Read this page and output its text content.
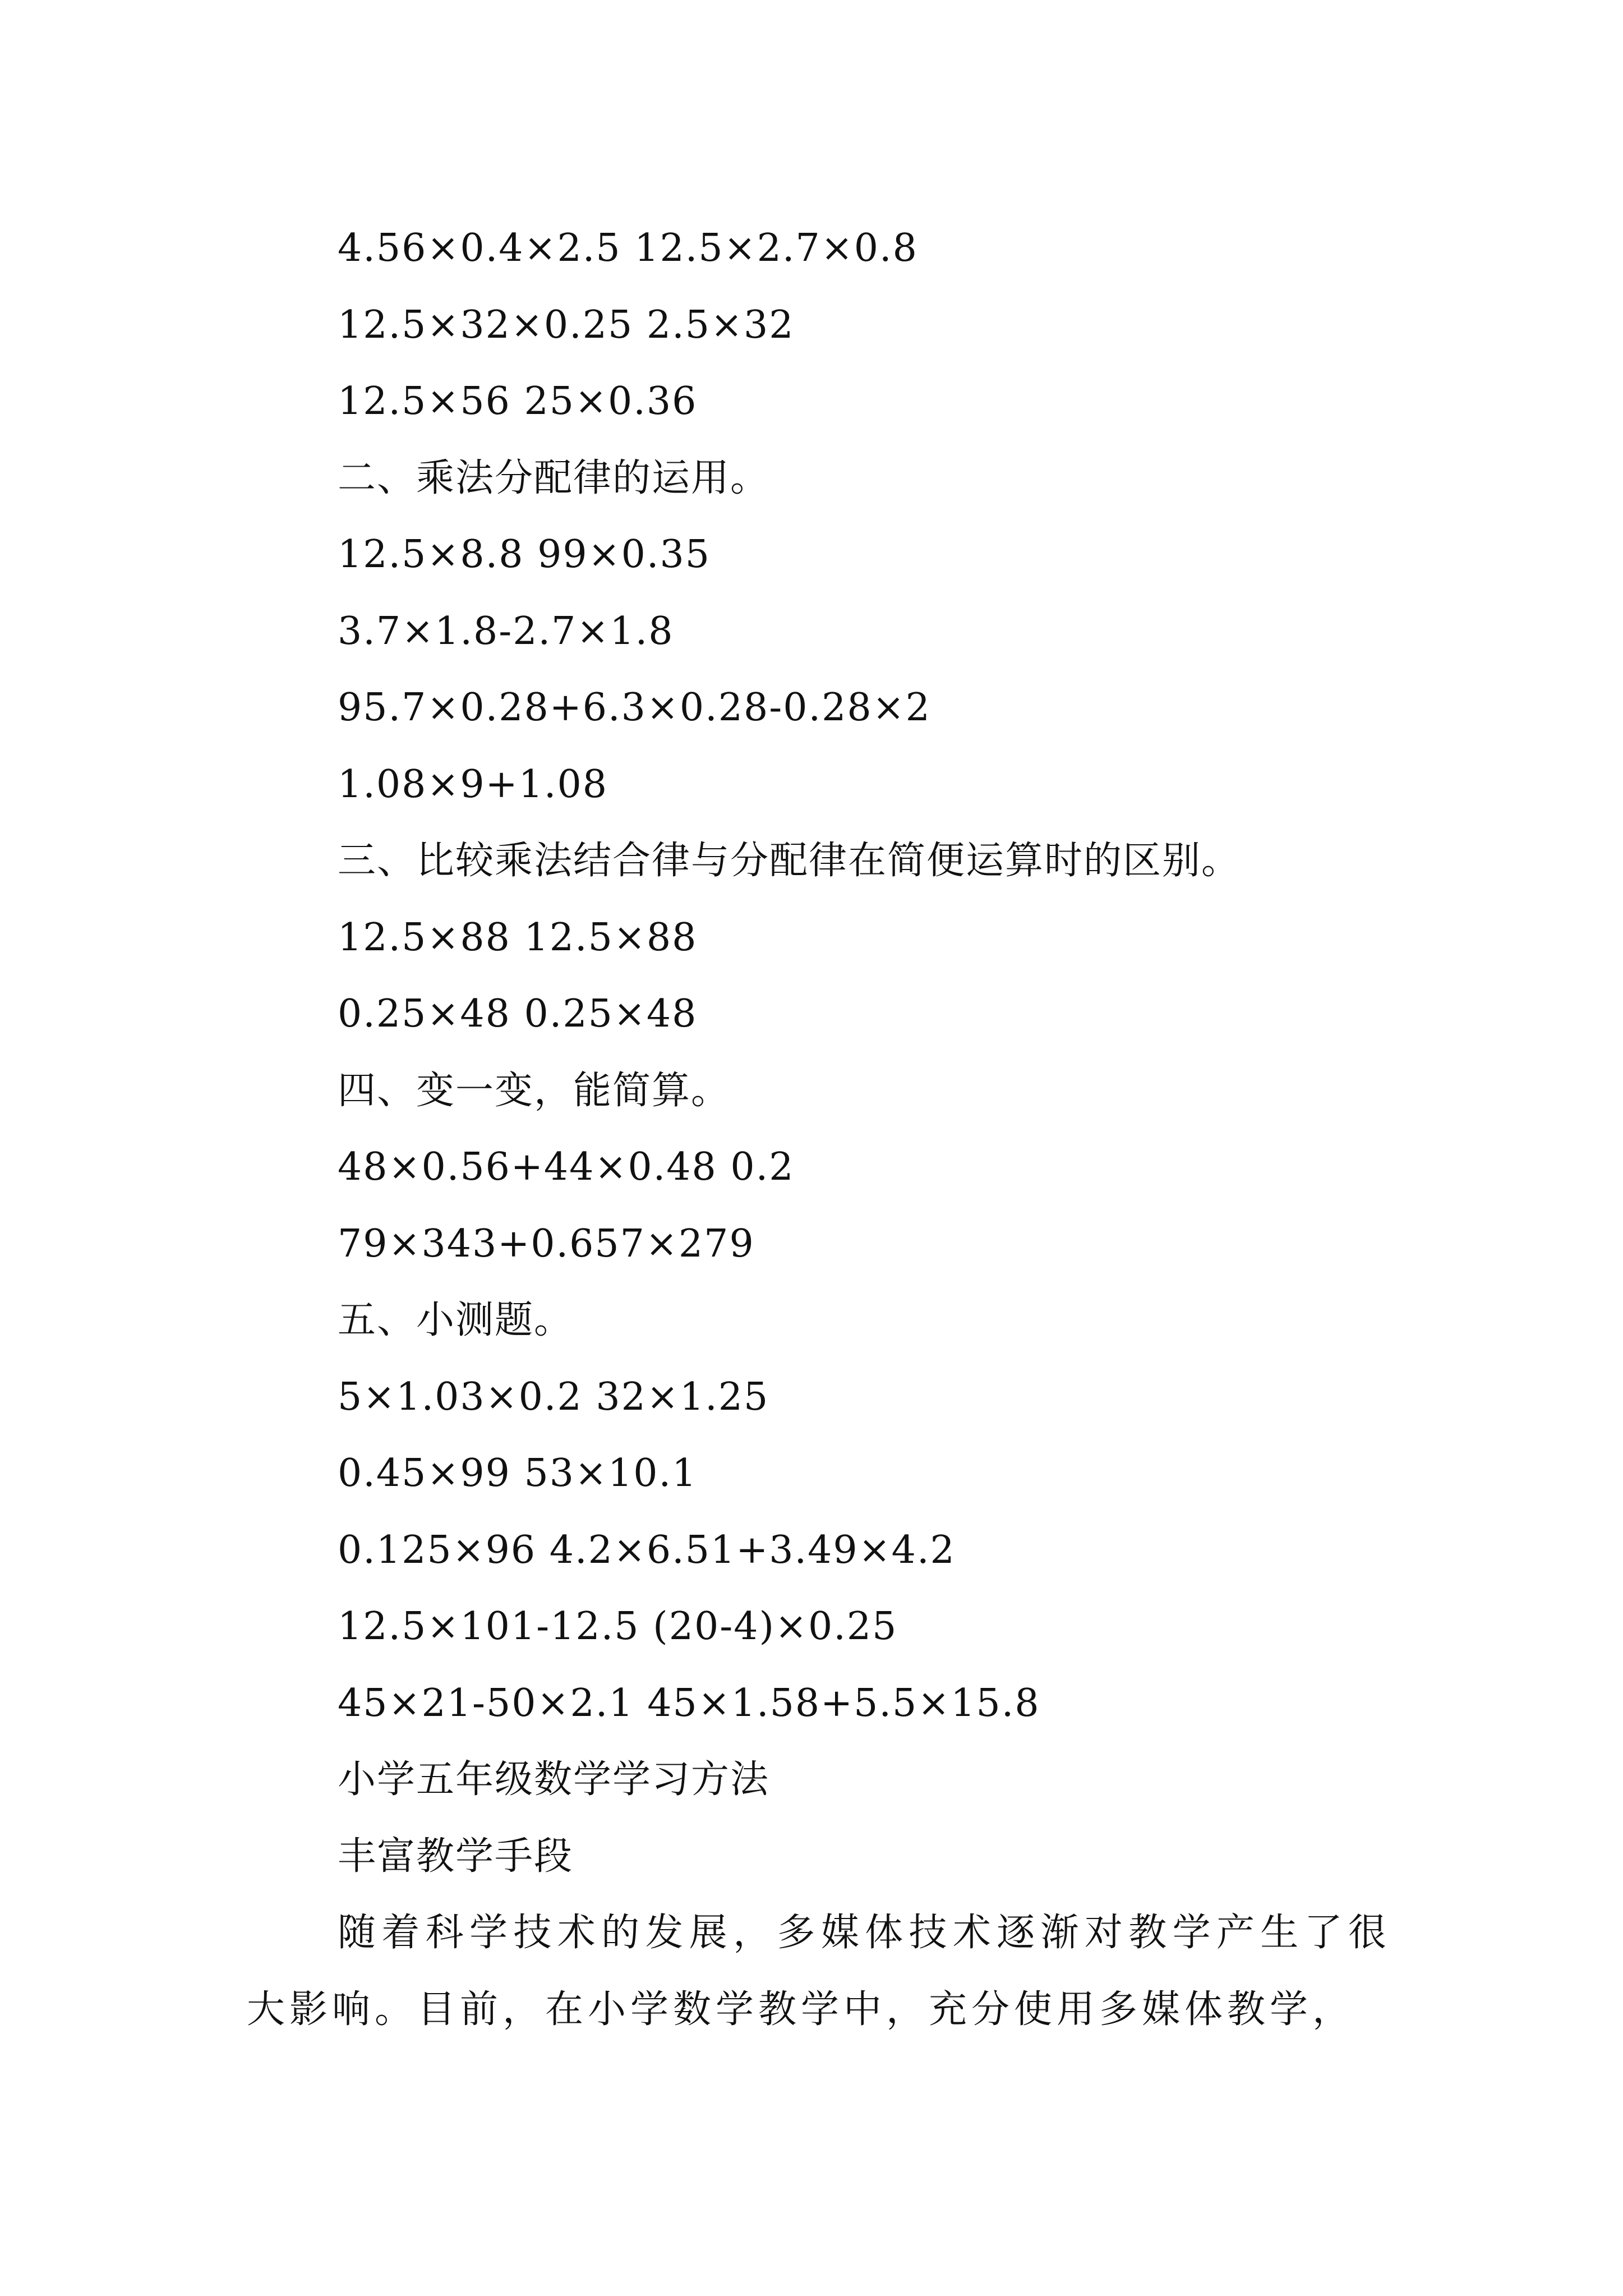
4.56×0.4×2.5 12.5×2.7×0.8
12.5×32×0.25 2.5×32
12.5×56 25×0.36
二、乘法分配律的运用。
12.5×8.8 99×0.35
3.7×1.8-2.7×1.8
95.7×0.28+6.3×0.28-0.28×2
1.08×9+1.08
三、比较乘法结合律与分配律在简便运算时的区别。
12.5×88 12.5×88
0.25×48 0.25×48
四、变一变，能简算。
48×0.56+44×0.48 0.2
79×343+0.657×279
五、小测题。
5×1.03×0.2 32×1.25
0.45×99 53×10.1
0.125×96 4.2×6.51+3.49×4.2
12.5×101-12.5 (20-4)×0.25
45×21-50×2.1 45×1.58+5.5×15.8
小学五年级数学学习方法
丰富教学手段
随着科学技术的发展，多媒体技术逐渐对教学产生了很大影响。目前，在小学数学教学中，充分使用多媒体教学，
